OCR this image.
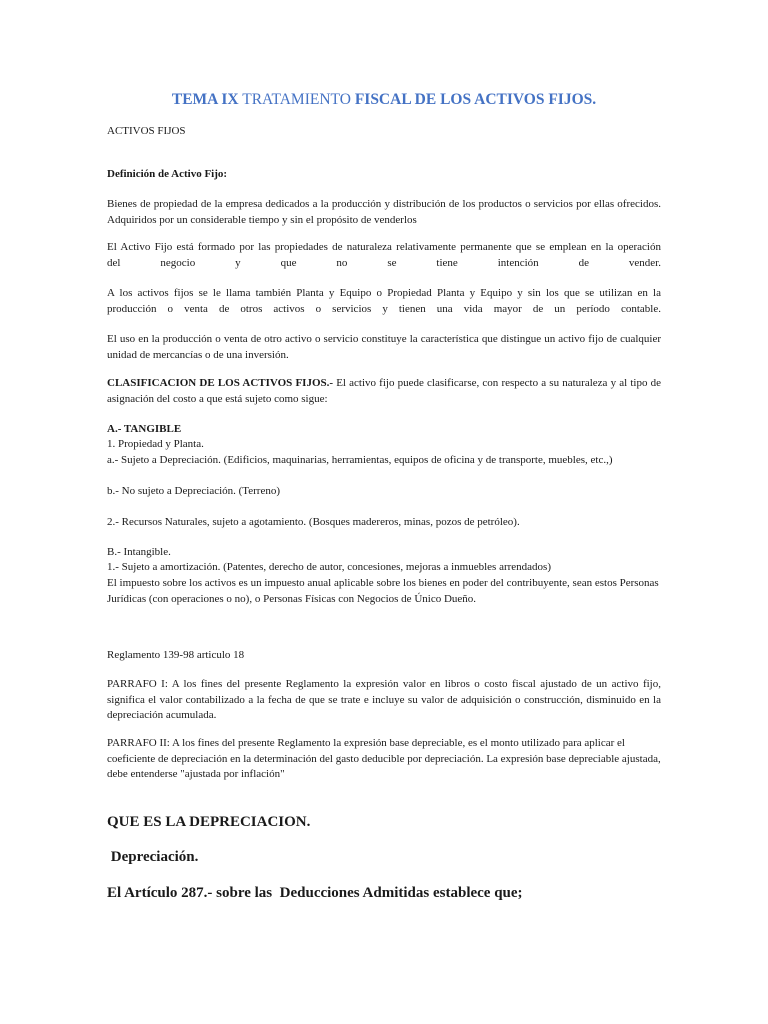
TEMA IX TRATAMIENTO FISCAL DE LOS ACTIVOS FIJOS.
ACTIVOS FIJOS
Definición de Activo Fijo:
Bienes de propiedad de la empresa dedicados a la producción y distribución de los productos o servicios por ellas ofrecidos. Adquiridos por un considerable tiempo y sin el propósito de venderlos
El Activo Fijo está formado por las propiedades de naturaleza relativamente permanente que se emplean en la operación
del negocio y que no se tiene intención de vender.
A los activos fijos se le llama también Planta y Equipo o Propiedad Planta y Equipo y sin los que se utilizan en la
producción o venta de otros activos o servicios y tienen una vida mayor de un período contable.
El uso en la producción o venta de otro activo o servicio constituye la característica que distingue un activo fijo de cualquier unidad de mercancías o de una inversión.
CLASIFICACION DE LOS ACTIVOS FIJOS.- El activo fijo puede clasificarse, con respecto a su naturaleza y al tipo de asignación del costo a que está sujeto como sigue:
A.- TANGIBLE
1. Propiedad y Planta.
a.- Sujeto a Depreciación. (Edificios, maquinarias, herramientas, equipos de oficina y de transporte, muebles, etc.,)
b.- No sujeto a Depreciación. (Terreno)
2.- Recursos Naturales, sujeto a agotamiento. (Bosques madereros, minas, pozos de petróleo).
B.- Intangible.
1.- Sujeto a amortización. (Patentes, derecho de autor, concesiones, mejoras a inmuebles arrendados)
El impuesto sobre los activos es un impuesto anual aplicable sobre los bienes en poder del contribuyente, sean estos Personas Jurídicas (con operaciones o no), o Personas Físicas con Negocios de Único Dueño.
Reglamento 139-98 articulo 18
PARRAFO I: A los fines del presente Reglamento la expresión valor en libros o costo fiscal ajustado de un activo fijo, significa el valor contabilizado a la fecha de que se trate e incluye su valor de adquisición o construcción, disminuido en la depreciación acumulada.
PARRAFO II: A los fines del presente Reglamento la expresión base depreciable, es el monto utilizado para aplicar el coeficiente de depreciación en la determinación del gasto deducible por depreciación. La expresión base depreciable ajustada, debe entenderse "ajustada por inflación"
QUE ES LA DEPRECIACION.
Depreciación.
El Artículo 287.- sobre las  Deducciones Admitidas establece que;
